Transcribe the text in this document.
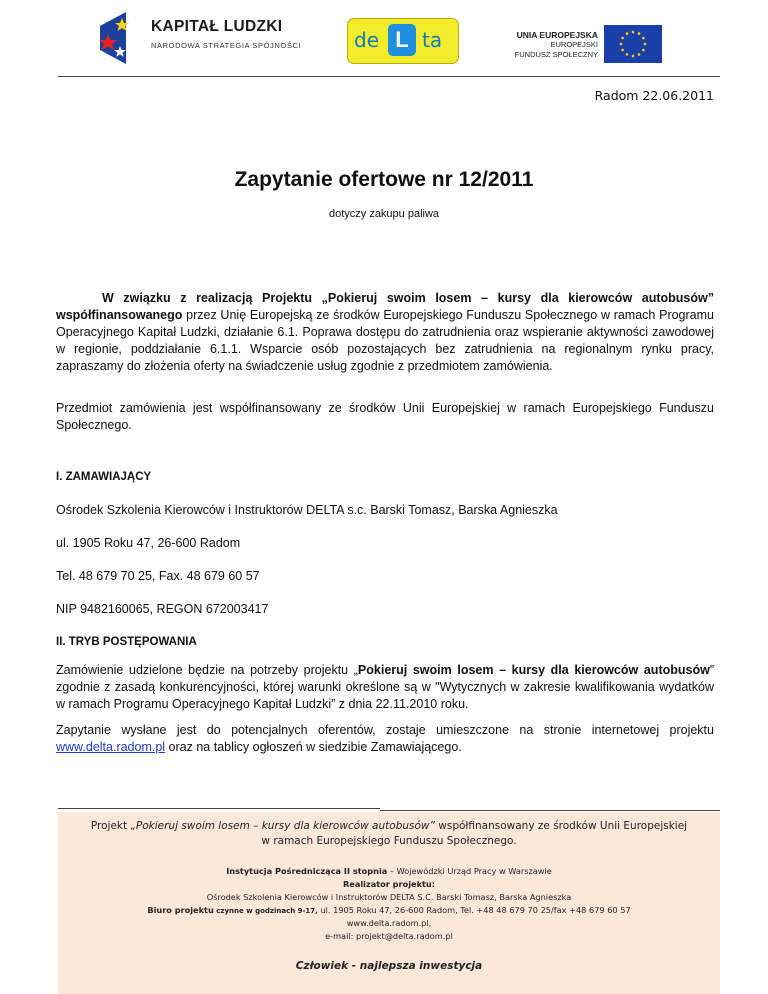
KAPITAŁ LUDZKI
NARODOWA STRATEGIA SPÓJNOŚCI	de L ta	UNIA EUROPEJSKA
EUROPEJSKI
FUNDUSZ SPOŁECZNY
Radom 22.06.2011
Zapytanie ofertowe nr 12/2011
dotyczy zakupu paliwa

W związku z realizacją Projektu „Pokieruj swoim losem – kursy dla kierowców autobusów” współfinansowanego przez Unię Europejską ze środków Europejskiego Funduszu Społecznego w ramach Programu Operacyjnego Kapitał Ludzki, działanie 6.1. Poprawa dostępu do zatrudnienia oraz wspieranie aktywności zawodowej w regionie, poddziałanie 6.1.1. Wsparcie osób pozostających bez zatrudnienia na regionalnym rynku pracy, zapraszamy do złożenia oferty na świadczenie usług zgodnie z przedmiotem zamówienia.

Przedmiot zamówienia jest współfinansowany ze środków Unii Europejskiej w ramach Europejskiego Funduszu Społecznego.

I. ZAMAWIAJĄCY

Ośrodek Szkolenia Kierowców i Instruktorów DELTA s.c. Barski Tomasz, Barska Agnieszka

ul. 1905 Roku 47, 26-600 Radom

Tel. 48 679 70 25, Fax. 48 679 60 57

NIP 9482160065, REGON 672003417

II. TRYB POSTĘPOWANIA

Zamówienie udzielone będzie na potrzeby projektu „Pokieruj swoim losem – kursy dla kierowców autobusów” zgodnie z zasadą konkurencyjności, której warunki określone są w "Wytycznych w zakresie kwalifikowania wydatków w ramach Programu Operacyjnego Kapitał Ludzki” z dnia 22.11.2010 roku.

Zapytanie wysłane jest do potencjalnych oferentów, zostaje umieszczone na stronie internetowej projektu www.delta.radom.pl oraz na tablicy ogłoszeń w siedzibie Zamawiającego.

Projekt „Pokieruj swoim losem – kursy dla kierowców autobusów” współfinansowany ze środków Unii Europejskiej

w ramach Europejskiego Funduszu Społecznego.

Instytucja Pośrednicząca II stopnia – Wojewódzki Urząd Pracy w Warszawie

Realizator projektu:

Ośrodek Szkolenia Kierowców i Instruktorów DELTA S.C. Barski Tomasz, Barska Agnieszka

Biuro projektu czynne w godzinach 9-17, ul. 1905 Roku 47, 26-600 Radom, Tel. +48 48 679 70 25/fax +48 679 60 57

www.delta.radom.pl,

e-mail: projekt@delta.radom.pl

Człowiek - najlepsza inwestycja
